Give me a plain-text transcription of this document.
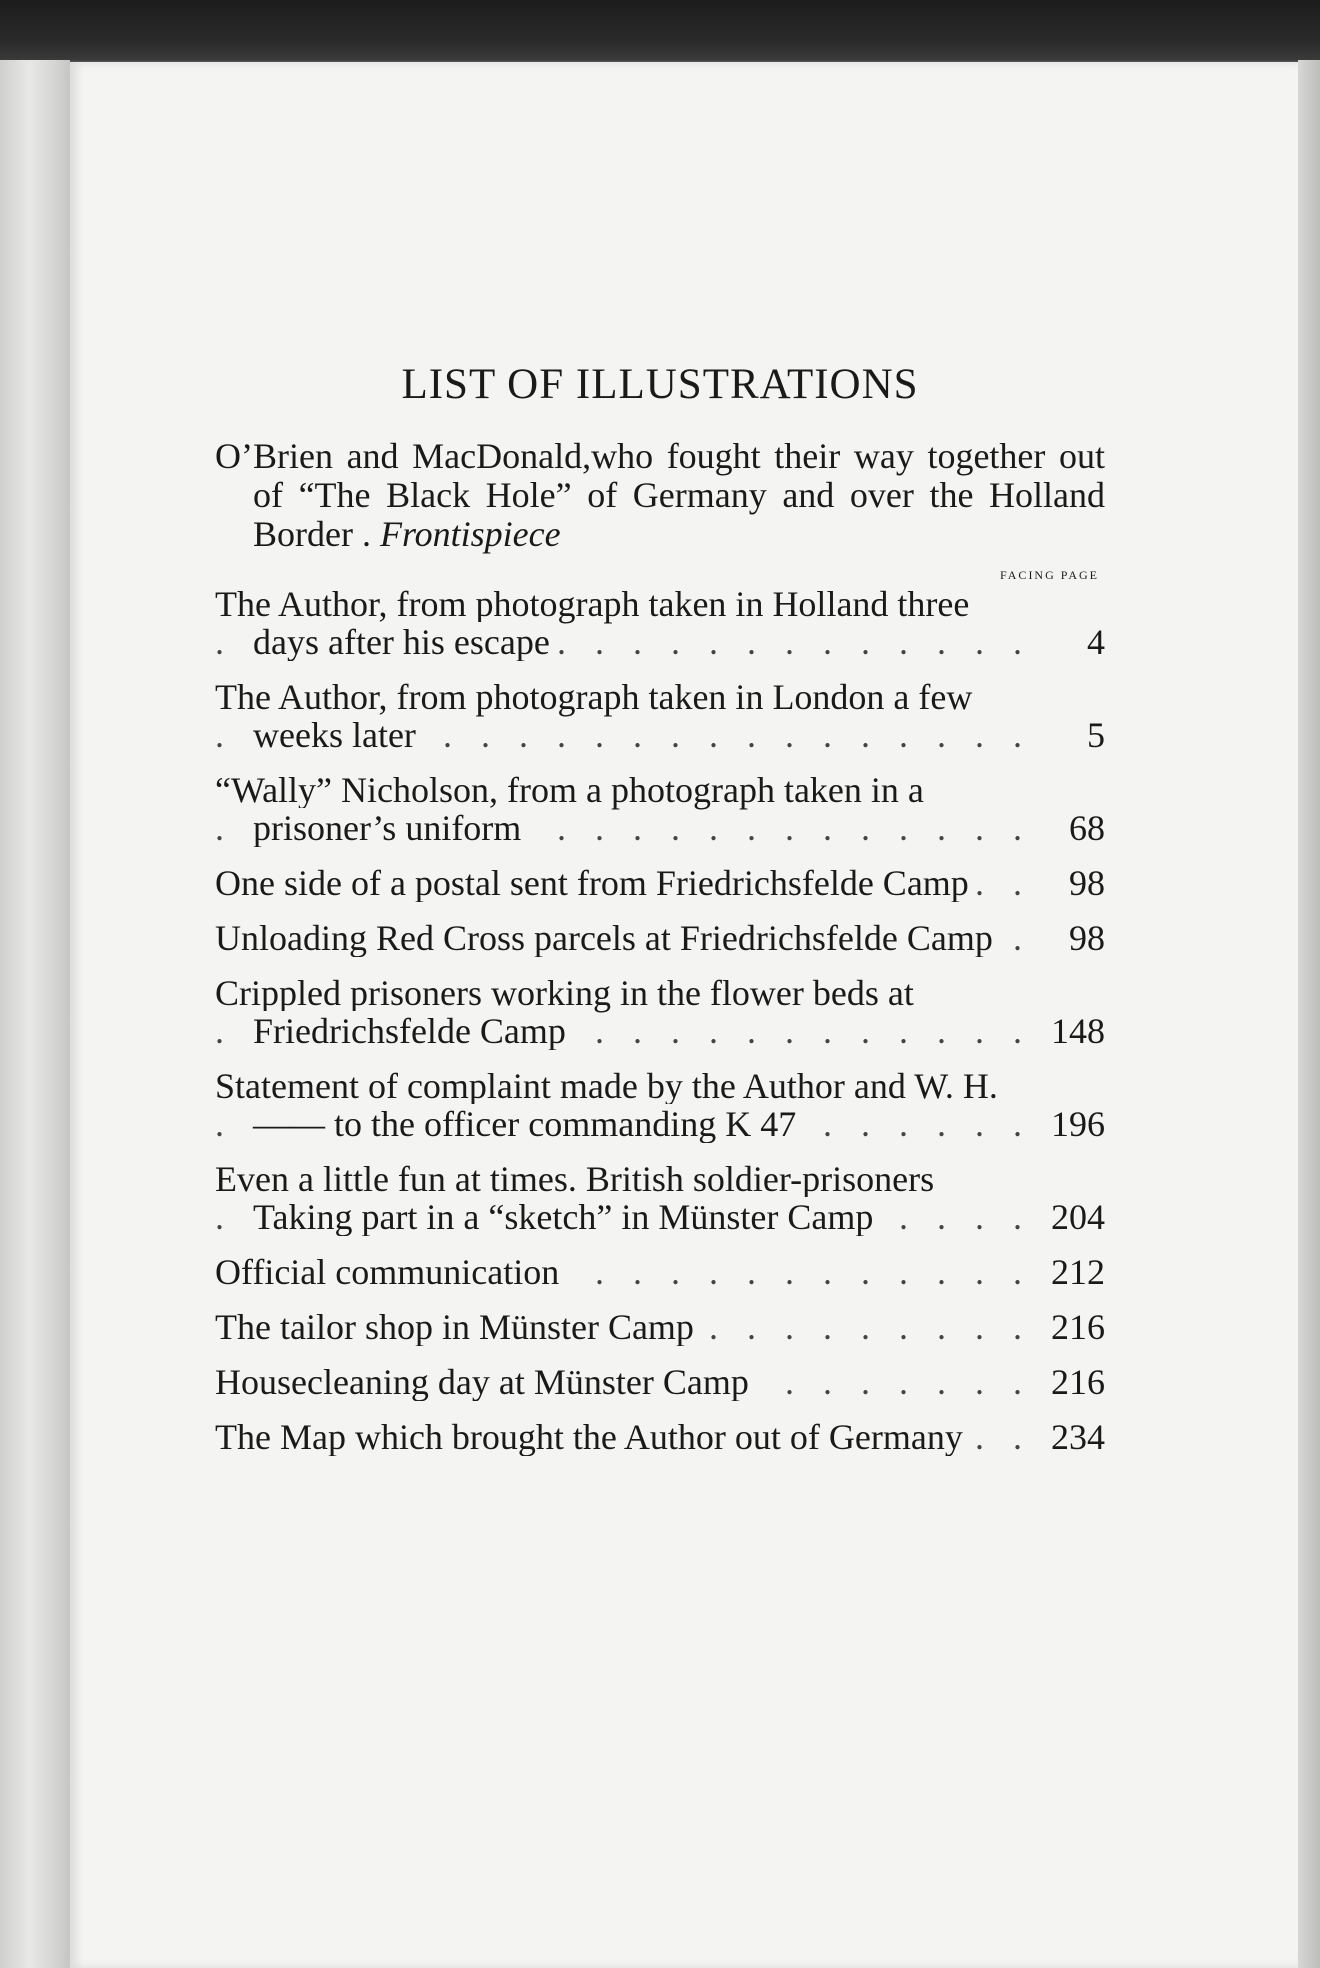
LIST OF ILLUSTRATIONS

O’Brien and MacDonald,who fought their way together out of “The Black Hole” of Germany and over the Holland Border . Frontispiece

FACING PAGE
The Author, from photograph taken in Holland three days after his escape . . .	4
The Author, from photograph taken in London a few weeks later . . .	5
“Wally” Nicholson, from a photograph taken in a prisoner’s uniform . . .	68
One side of a postal sent from Friedrichsfelde Camp . . .	98
Unloading Red Cross parcels at Friedrichsfelde Camp . . .	98
Crippled prisoners working in the flower beds at Friedrichsfelde Camp . . .	148
Statement of complaint made by the Author and W. H.—— to the officer commanding K 47 . . .	196
Even a little fun at times. British soldier-prisoners Taking part in a “sketch” in Münster Camp . . .	204
Official communication . . .	212
The tailor shop in Münster Camp . . .	216
Housecleaning day at Münster Camp . . .	216
The Map which brought the Author out of Germany . . .	234
